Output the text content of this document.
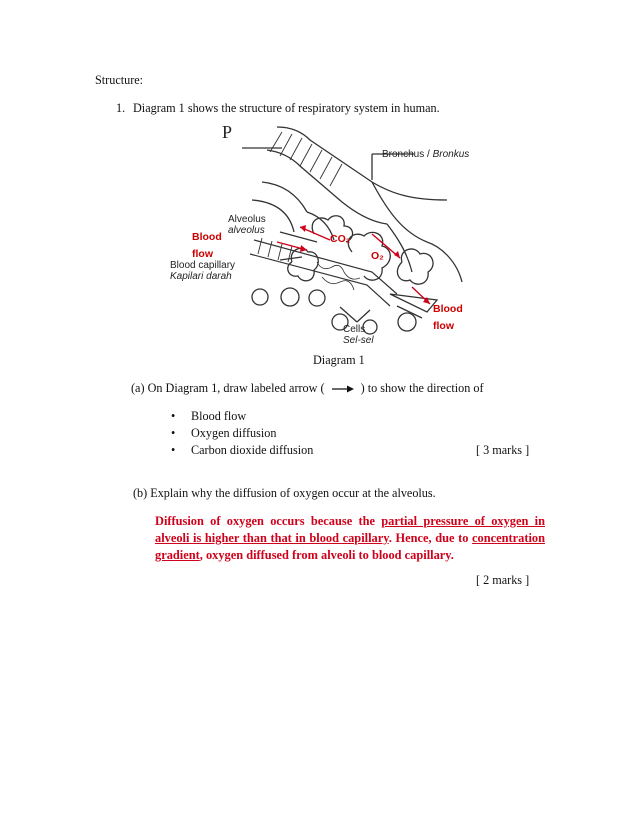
Structure:
1. Diagram 1 shows the structure of respiratory system in human.
P
Bronchus / Bronkus
Alveolus
alveolus
Blood capillary
Kapilari darah
Cells
Sel-sel
Blood
flow
CO₂
O₂
Blood
flow
Diagram 1
(a) On Diagram 1, draw labeled arrow (	) to show the direction of
• Blood flow
• Oxygen diffusion
• Carbon dioxide diffusion	[ 3 marks ]
(b) Explain why the diffusion of oxygen occur at the alveolus.
Diffusion of oxygen occurs because the partial pressure of oxygen in alveoli is higher than that in blood capillary. Hence, due to concentration gradient, oxygen diffused from alveoli to blood capillary.
[ 2 marks ]
